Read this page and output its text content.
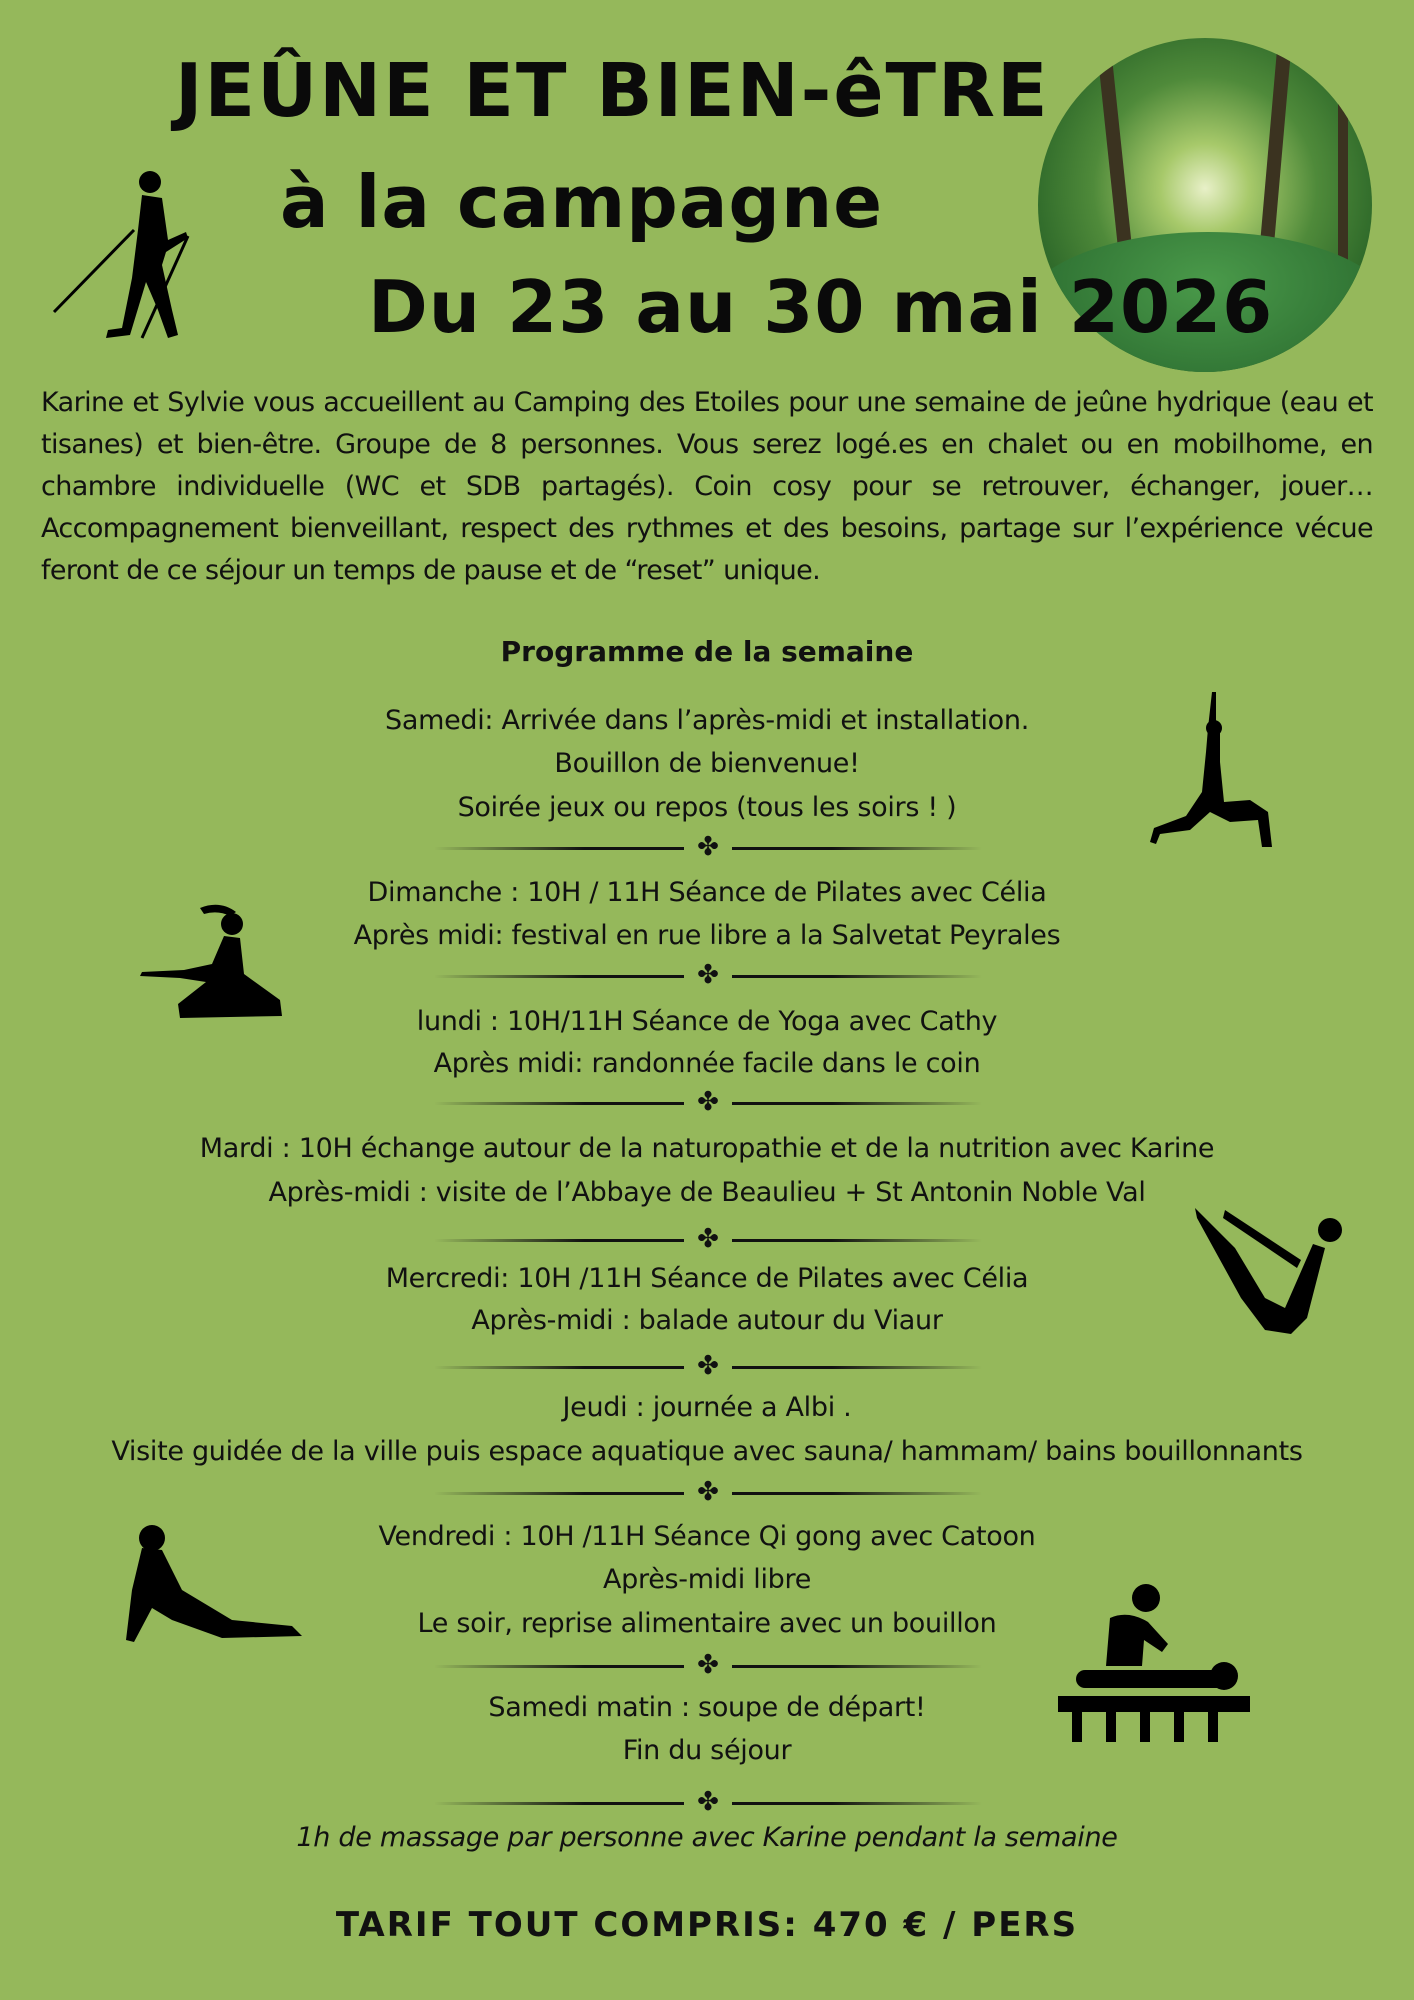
JEÛNE ET BIEN-êTRE
à la campagne
Du 23 au 30 mai 2026
Karine et Sylvie vous accueillent au Camping des Etoiles pour une semaine de jeûne hydrique (eau et tisanes) et bien-être. Groupe de 8 personnes. Vous serez logé.es en chalet ou en mobilhome, en chambre individuelle (WC et SDB partagés). Coin cosy pour se retrouver, échanger, jouer… Accompagnement bienveillant, respect des rythmes et des besoins, partage sur l’expérience vécue feront de ce séjour un temps de pause et de “reset” unique.
Programme de la semaine
Samedi: Arrivée dans l’après-midi et installation.
Bouillon de bienvenue!
Soirée jeux ou repos (tous les soirs ! )
✤
Dimanche : 10H / 11H Séance de Pilates avec Célia
Après midi: festival en rue libre a la Salvetat Peyrales
✤
lundi : 10H/11H Séance de Yoga avec Cathy
Après midi: randonnée facile dans le coin
✤
Mardi : 10H échange autour de la naturopathie et de la nutrition avec Karine
Après-midi : visite de l’Abbaye de Beaulieu + St Antonin Noble Val
✤
Mercredi: 10H /11H Séance de Pilates avec Célia
Après-midi : balade autour du Viaur
✤
Jeudi : journée a Albi .
Visite guidée de la ville puis espace aquatique avec sauna/ hammam/ bains bouillonnants
✤
Vendredi : 10H /11H Séance Qi gong avec Catoon
Après-midi libre
Le soir, reprise alimentaire avec un bouillon
✤
Samedi matin : soupe de départ!
Fin du séjour
✤
1h de massage par personne avec Karine pendant la semaine
TARIF TOUT COMPRIS: 470 € / PERS
